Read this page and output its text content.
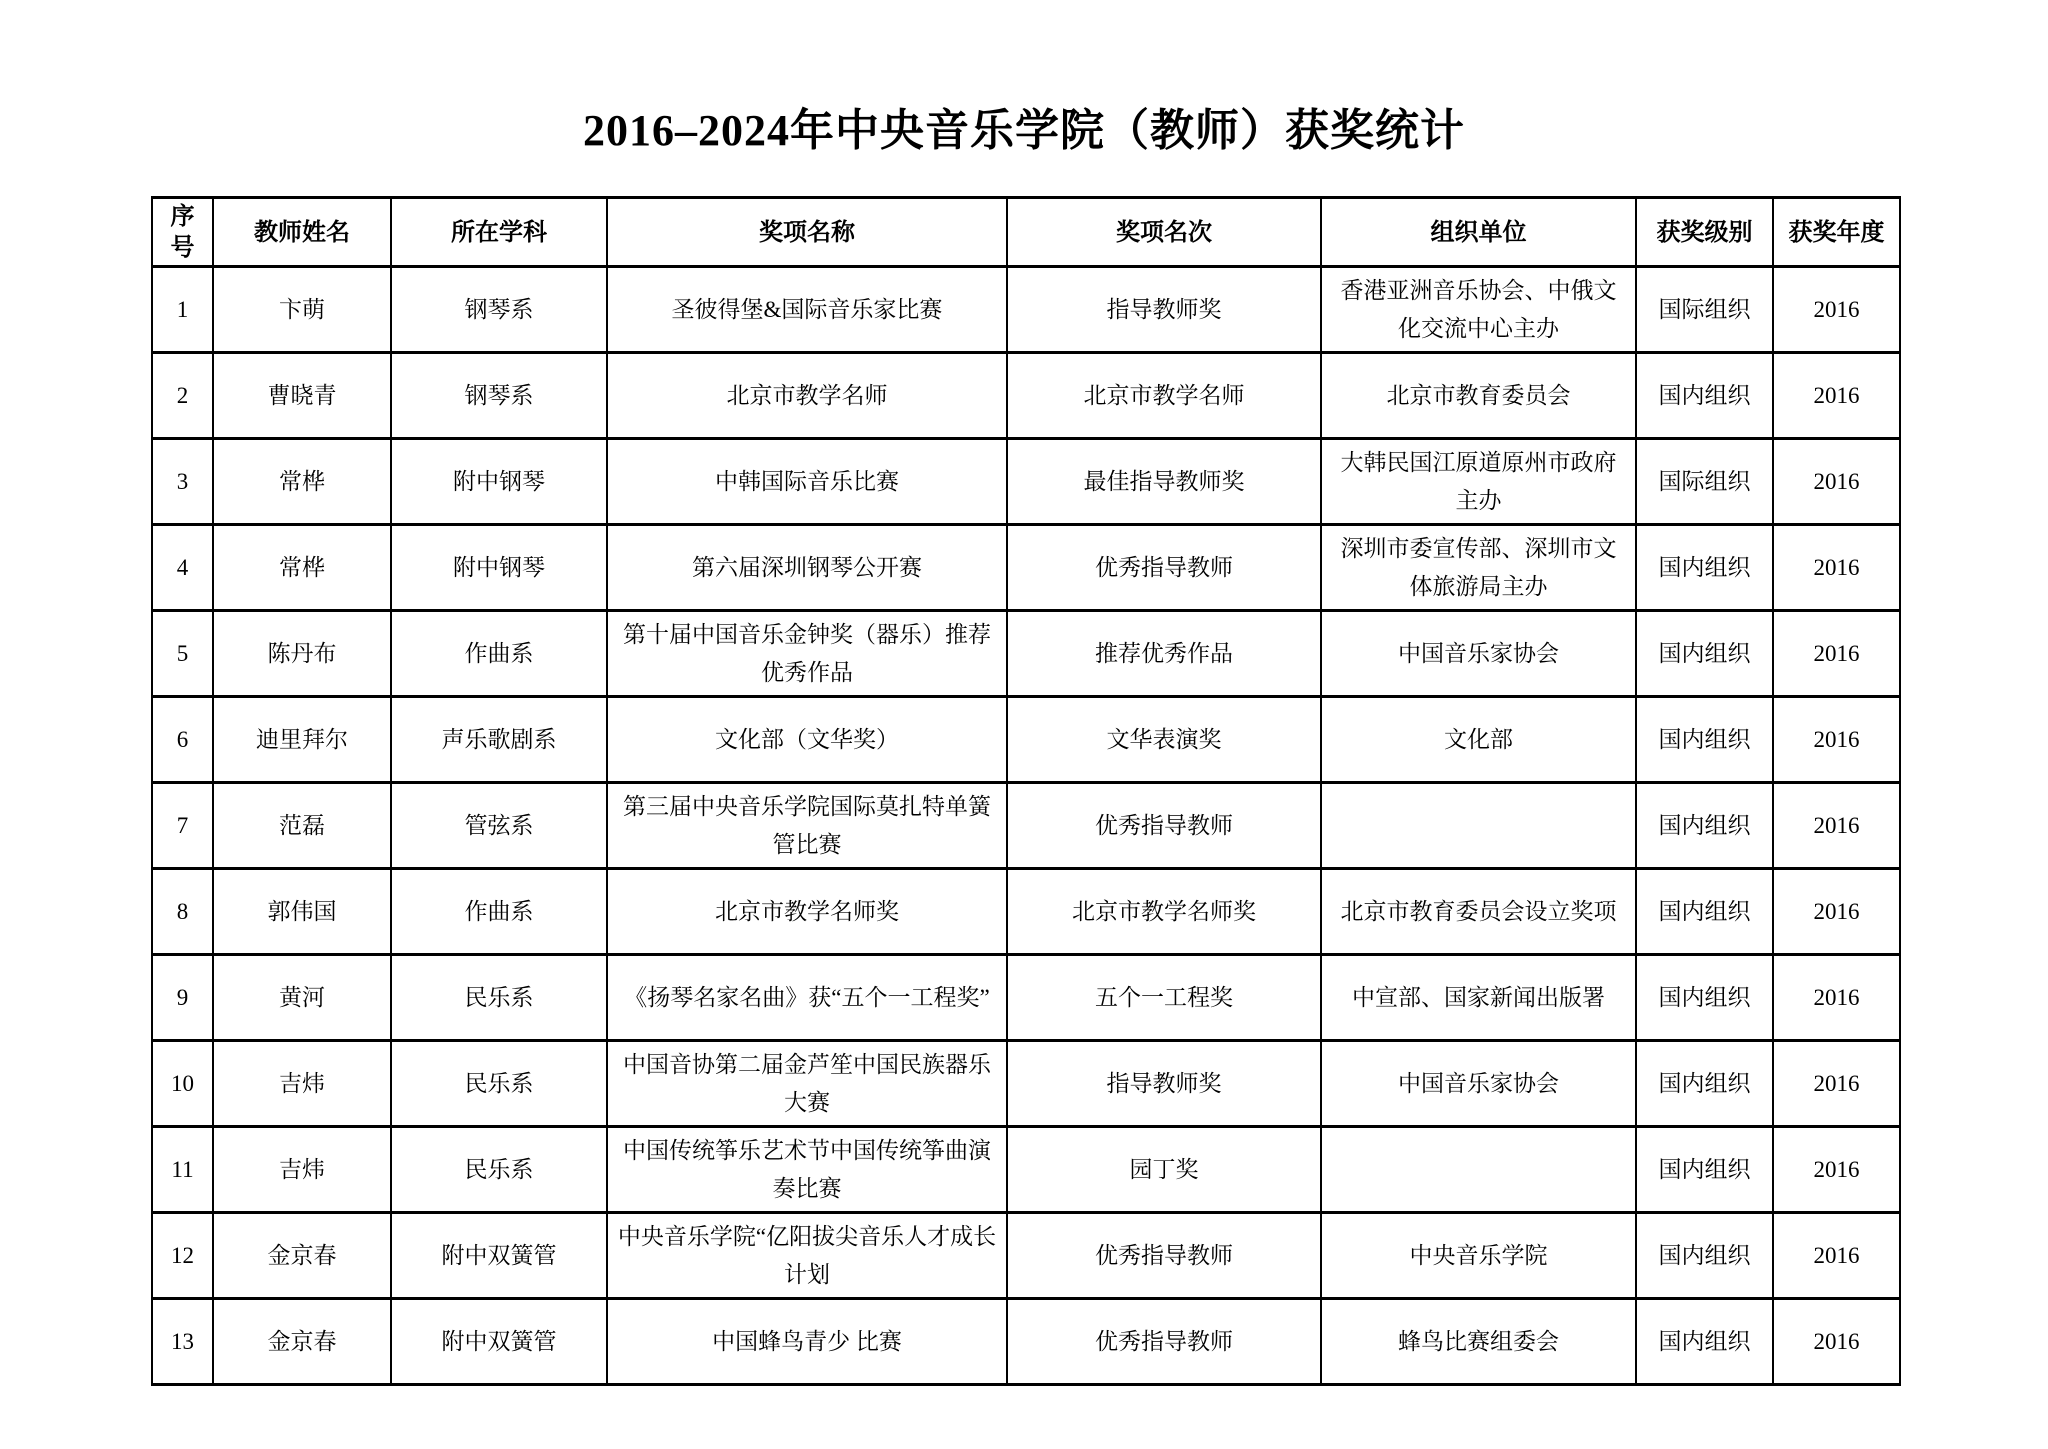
2016–2024年中央音乐学院（教师）获奖统计
序号	教师姓名	所在学科	奖项名称	奖项名次	组织单位	获奖级别	获奖年度
1	卞萌	钢琴系	圣彼得堡&国际音乐家比赛	指导教师奖	香港亚洲音乐协会、中俄文化交流中心主办	国际组织	2016
2	曹晓青	钢琴系	北京市教学名师	北京市教学名师	北京市教育委员会	国内组织	2016
3	常桦	附中钢琴	中韩国际音乐比赛	最佳指导教师奖	大韩民国江原道原州市政府主办	国际组织	2016
4	常桦	附中钢琴	第六届深圳钢琴公开赛	优秀指导教师	深圳市委宣传部、深圳市文体旅游局主办	国内组织	2016
5	陈丹布	作曲系	第十届中国音乐金钟奖（器乐）推荐优秀作品	推荐优秀作品	中国音乐家协会	国内组织	2016
6	迪里拜尔	声乐歌剧系	文化部（文华奖）	文华表演奖	文化部	国内组织	2016
7	范磊	管弦系	第三届中央音乐学院国际莫扎特单簧管比赛	优秀指导教师		国内组织	2016
8	郭伟国	作曲系	北京市教学名师奖	北京市教学名师奖	北京市教育委员会设立奖项	国内组织	2016
9	黄河	民乐系	《扬琴名家名曲》获“五个一工程奖”	五个一工程奖	中宣部、国家新闻出版署	国内组织	2016
10	吉炜	民乐系	中国音协第二届金芦笙中国民族器乐大赛	指导教师奖	中国音乐家协会	国内组织	2016
11	吉炜	民乐系	中国传统筝乐艺术节中国传统筝曲演奏比赛	园丁奖		国内组织	2016
12	金京春	附中双簧管	中央音乐学院“亿阳拔尖音乐人才成长计划	优秀指导教师	中央音乐学院	国内组织	2016
13	金京春	附中双簧管	中国蜂鸟青少 比赛	优秀指导教师	蜂鸟比赛组委会	国内组织	2016
